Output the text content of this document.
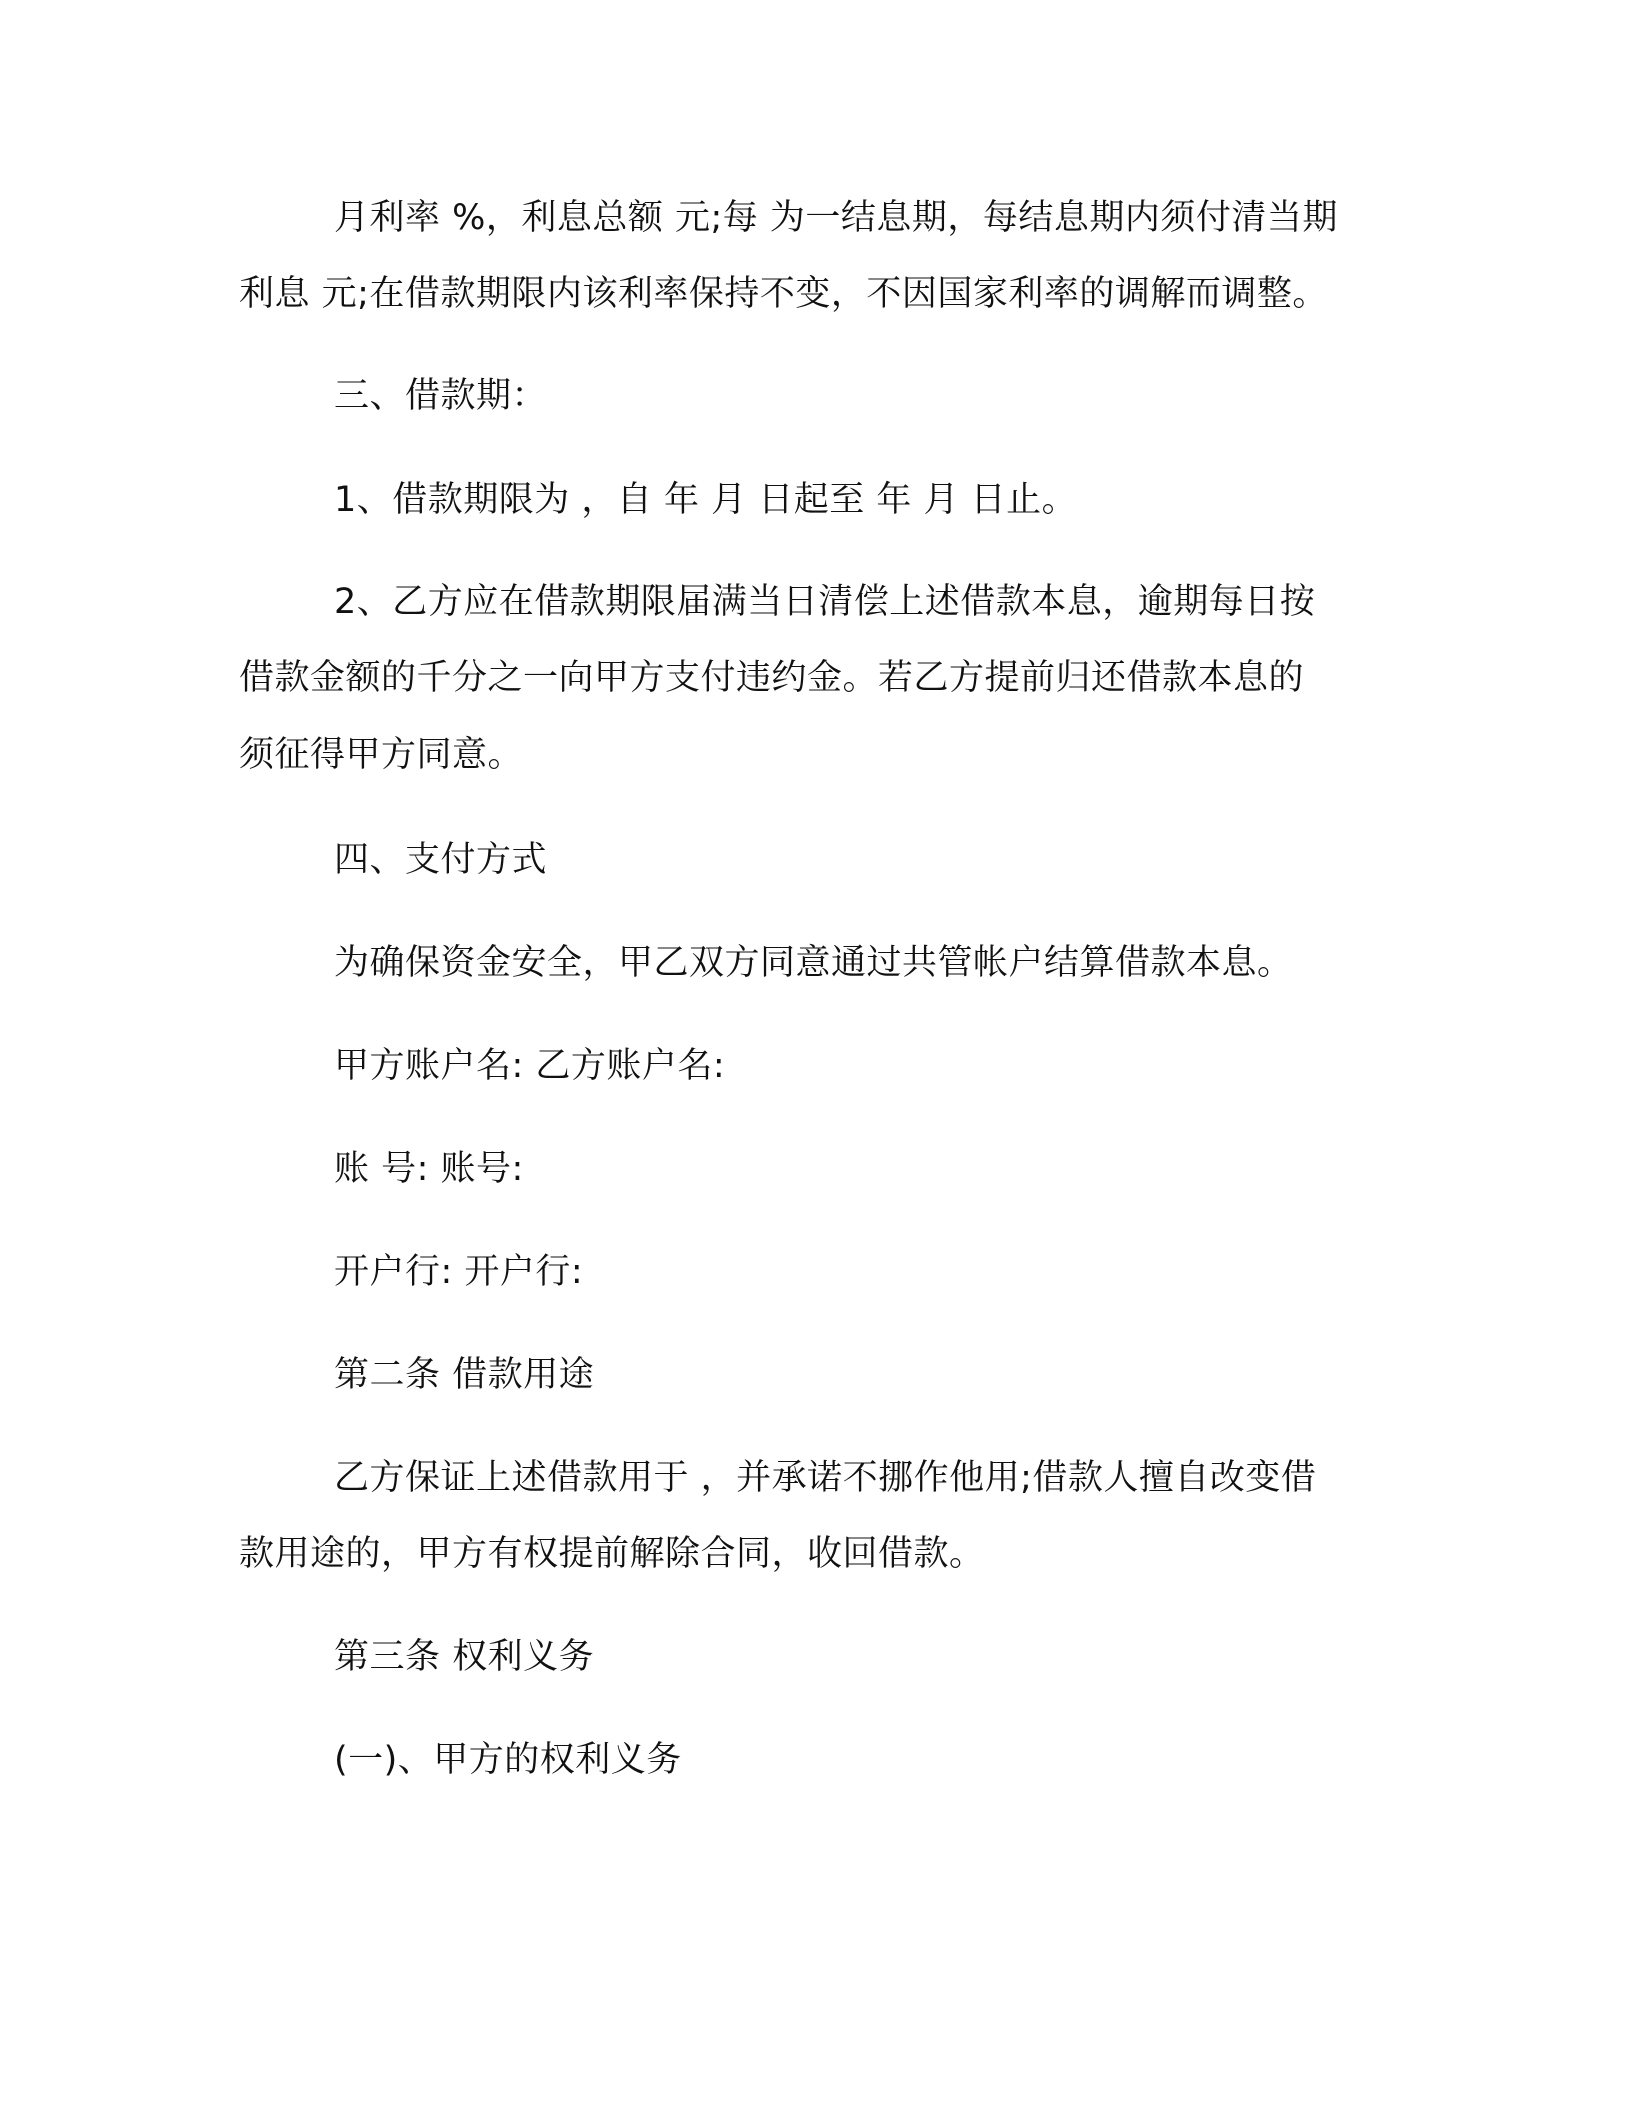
月利率 %，利息总额 元;每 为一结息期，每结息期内须付清当期
利息 元;在借款期限内该利率保持不变，不因国家利率的调解而调整。
三、借款期：
1、借款期限为 ，自 年 月 日起至 年 月 日止。
2、乙方应在借款期限届满当日清偿上述借款本息，逾期每日按
借款金额的千分之一向甲方支付违约金。若乙方提前归还借款本息的
须征得甲方同意。
四、支付方式
为确保资金安全，甲乙双方同意通过共管帐户结算借款本息。
甲方账户名: 乙方账户名:
账 号: 账号:
开户行: 开户行:
第二条 借款用途
乙方保证上述借款用于 ，并承诺不挪作他用;借款人擅自改变借
款用途的，甲方有权提前解除合同，收回借款。
第三条 权利义务
(一)、甲方的权利义务
